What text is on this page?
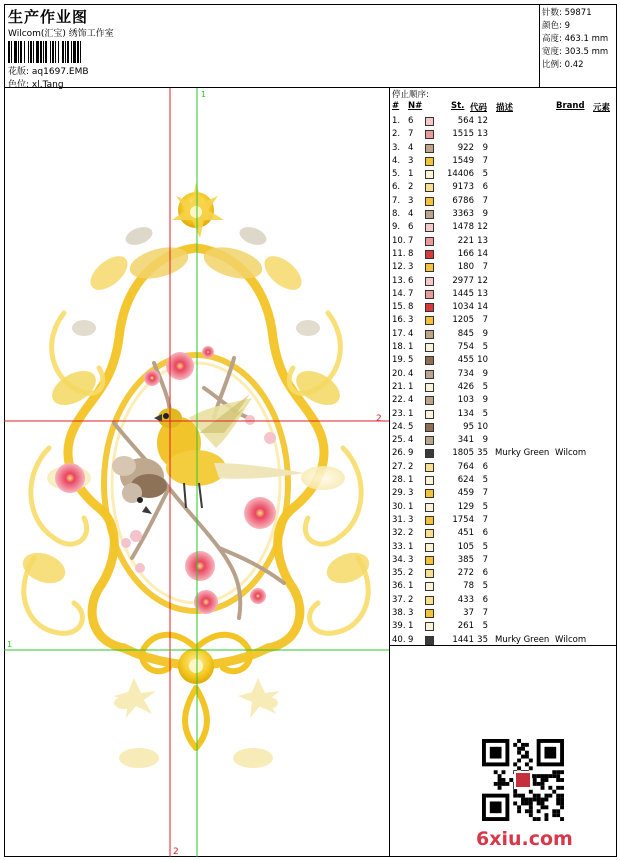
生产作业图
Wilcom(汇宝) 绣饰工作室
花版: aq1697.EMB
色位: xl.Tang
针数: 59871
颜色: 9
高度: 463.1 mm
宽度: 303.5 mm
比例: 0.42
1
2
1
2
停止顺序:
# N#	St. 代码 描述	Brand 元素
1. 6	564 12
2. 7	1515 13
3. 4	922	9
4. 3	1549	7
5. 1	14406	5
6. 2	9173	6
7. 3	6786	7
8. 4	3363	9
9. 6	1478 12
10. 7	221 13
11. 8	166 14
12. 3	180	7
13. 6	2977 12
14. 7	1445 13
15. 8	1034 14
16. 3	1205	7
17. 4	845	9
18. 1	754	5
19. 5	455 10
20. 4	734	9
21. 1	426	5
22. 4	103	9
23. 1	134	5
24. 5	95 10
25. 4	341	9
26. 9	1805 35 Murky Green Wilcom
27. 2	764	6
28. 1	624	5
29. 3	459	7
30. 1	129	5
31. 3	1754	7
32. 2	451	6
33. 1	105	5
34. 3	385	7
35. 2	272	6
36. 1	78	5
37. 2	433	6
38. 3	37	7
39. 1	261	5
40. 9	1441 35 Murky Green Wilcom
6xiu.com
